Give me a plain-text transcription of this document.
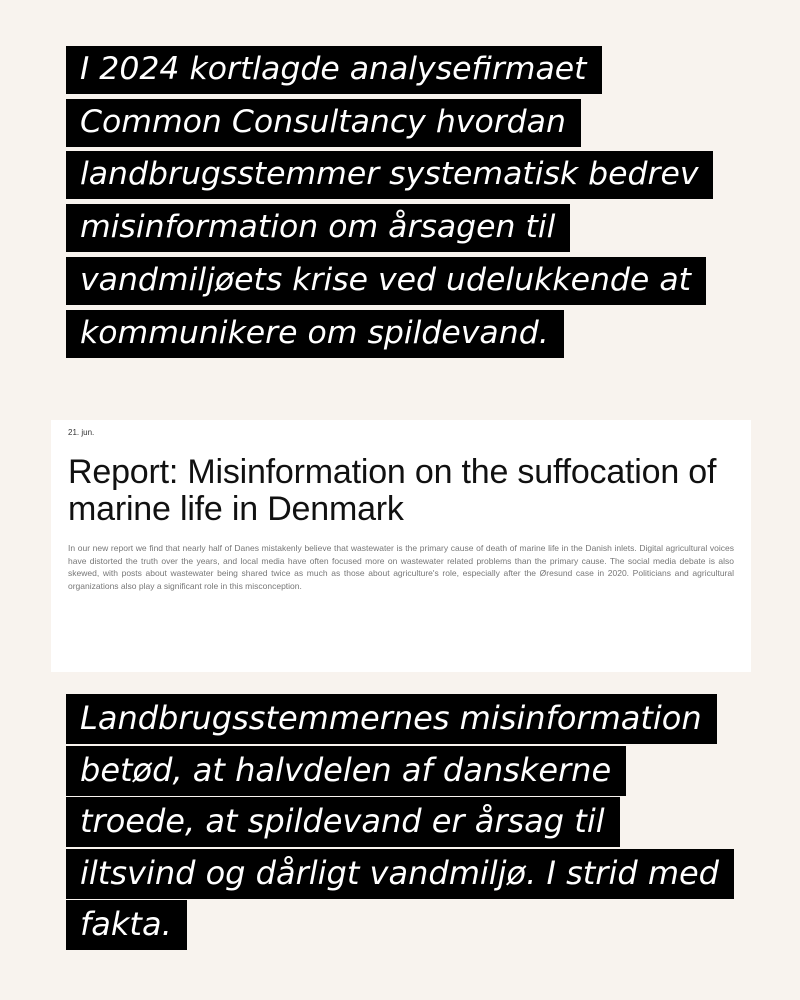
I 2024 kortlagde analysefirmaet Common Consultancy hvordan landbrugsstemmer systematisk bedrev misinformation om årsagen til vandmiljøets krise ved udelukkende at kommunikere om spildevand.

21. jun.

Report: Misinformation on the suffocation of marine life in Denmark

In our new report we find that nearly half of Danes mistakenly believe that wastewater is the primary cause of death of marine life in the Danish inlets. Digital agricultural voices have distorted the truth over the years, and local media have often focused more on wastewater related problems than the primary cause. The social media debate is also skewed, with posts about wastewater being shared twice as much as those about agriculture's role, especially after the Øresund case in 2020. Politicians and agricultural organizations also play a significant role in this misconception.

Landbrugsstemmernes misinformation betød, at halvdelen af danskerne troede, at spildevand er årsag til iltsvind og dårligt vandmiljø. I strid med fakta.
